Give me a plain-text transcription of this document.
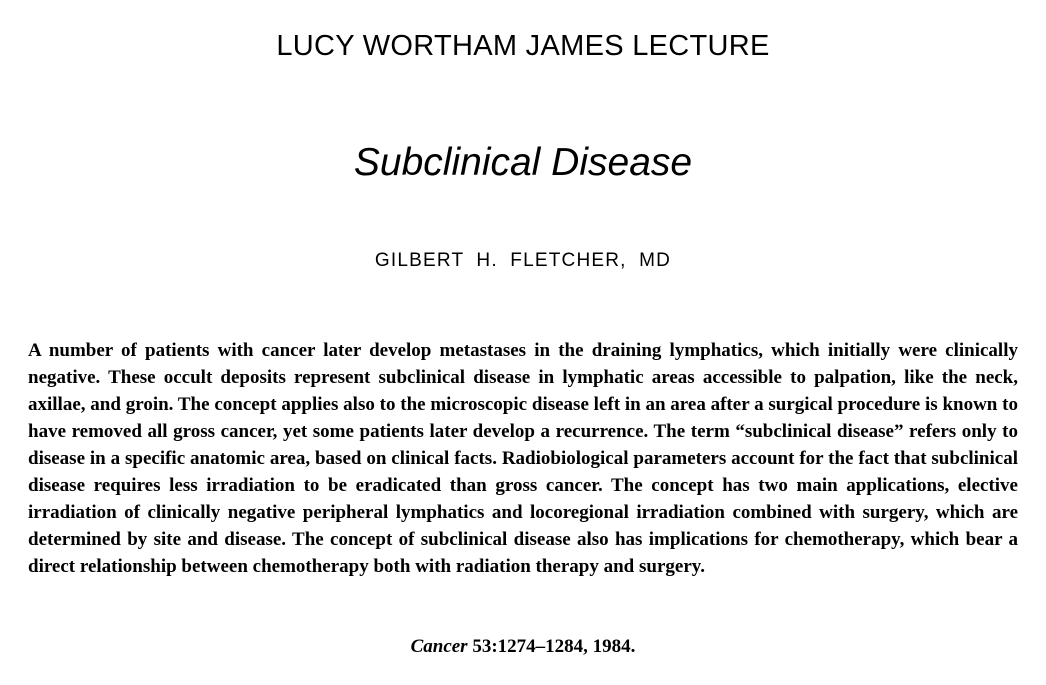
LUCY WORTHAM JAMES LECTURE
Subclinical Disease
GILBERT H. FLETCHER, MD

A number of patients with cancer later develop metastases in the draining lymphatics, which initially were clinically negative. These occult deposits represent subclinical disease in lymphatic areas accessible to palpation, like the neck, axillae, and groin. The concept applies also to the microscopic disease left in an area after a surgical procedure is known to have removed all gross cancer, yet some patients later develop a recurrence. The term “subclinical disease” refers only to disease in a specific anatomic area, based on clinical facts. Radiobiological parameters account for the fact that subclinical disease requires less irradiation to be eradicated than gross cancer. The concept has two main applications, elective irradiation of clinically negative peripheral lymphatics and locoregional irradiation combined with surgery, which are determined by site and disease. The concept of subclinical disease also has implications for chemotherapy, which bear a direct relationship between chemotherapy both with radiation therapy and surgery.

Cancer 53:1274–1284, 1984.
